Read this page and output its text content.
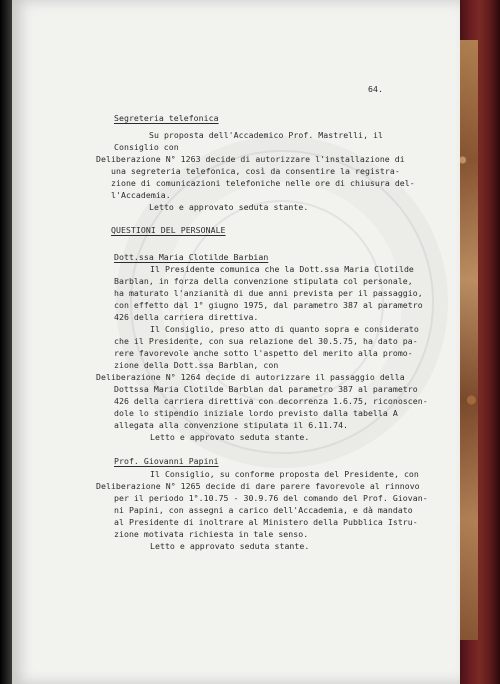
64.
Segreteria telefonica
Su proposta dell'Accademico Prof. Mastrelli, il
Consiglio con
Deliberazione N° 1263 decide di autorizzare l'installazione di
una segreteria telefonica, così da consentire la registra-
zione di comunicazioni telefoniche nelle ore di chiusura del-
l'Accademia.
Letto e approvato seduta stante.
QUESTIONI DEL PERSONALE
Dott.ssa Maria Clotilde Barbian
Il Presidente comunica che la Dott.ssa Maria Clotilde
Barblan, in forza della convenzione stipulata col personale,
ha maturato l'anzianità di due anni prevista per il passaggio,
con effetto dal 1° giugno 1975, dal parametro 387 al parametro
426 della carriera direttiva.
Il Consiglio, preso atto di quanto sopra e considerato
che il Presidente, con sua relazione del 30.5.75, ha dato pa-
rere favorevole anche sotto l'aspetto del merito alla promo-
zione della Dott.ssa Barblan, con
Deliberazione N° 1264 decide di autorizzare il passaggio della
Dottssa Maria Clotilde Barblan dal parametro 387 al parametro
426 della carriera direttiva con decorrenza 1.6.75, riconoscen-
dole lo stipendio iniziale lordo previsto dalla tabella A
allegata alla convenzione stipulata il 6.11.74.
Letto e approvato seduta stante.
Prof. Giovanni Papini
Il Consiglio, su conforme proposta del Presidente, con
Deliberazione N° 1265 decide di dare parere favorevole al rinnovo
per il periodo 1°.10.75 - 30.9.76 del comando del Prof. Giovan-
ni Papini, con assegni a carico dell'Accademia, e dà mandato
al Presidente di inoltrare al Ministero della Pubblica Istru-
zione motivata richiesta in tale senso.
Letto e approvato seduta stante.
